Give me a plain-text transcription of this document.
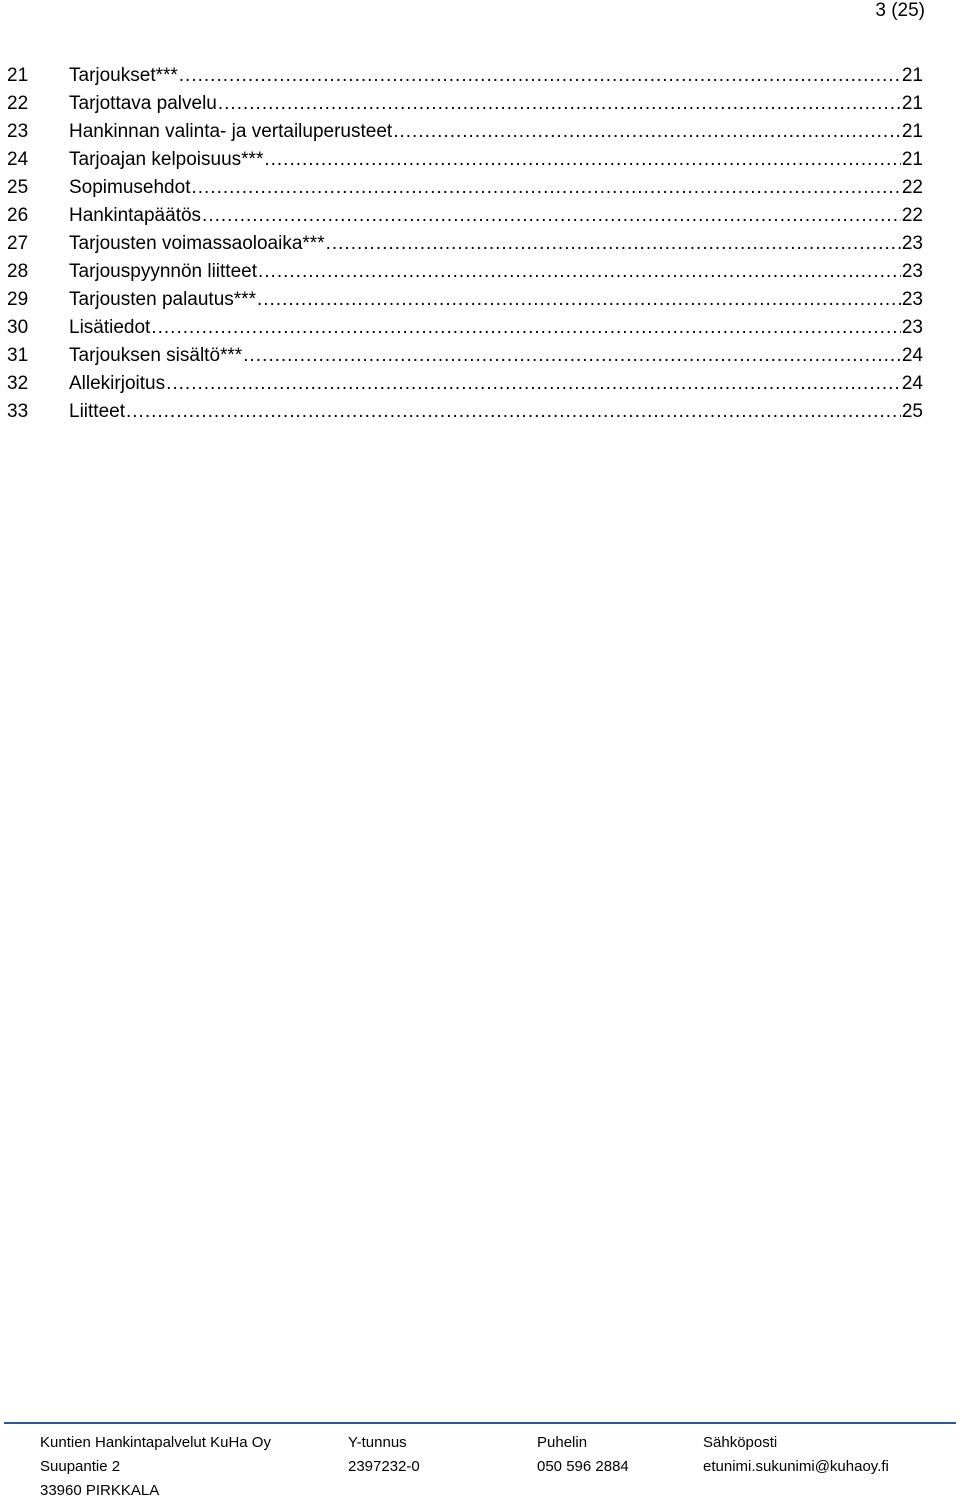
3 (25)
21	Tarjoukset*** .....	21
22	Tarjottava palvelu .....	21
23	Hankinnan valinta- ja vertailuperusteet .....	21
24	Tarjoajan kelpoisuus*** .....	21
25	Sopimusehdot .....	22
26	Hankintapäätös .....	22
27	Tarjousten voimassaoloaika*** .....	23
28	Tarjouspyynnön liitteet .....	23
29	Tarjousten palautus*** .....	23
30	Lisätiedot .....	23
31	Tarjouksen sisältö*** .....	24
32	Allekirjoitus .....	24
33	Liitteet .....	25
Kuntien Hankintapalvelut KuHa Oy	Y-tunnus	Puhelin	Sähköposti
Suupantie 2	2397232-0	050 596 2884	etunimi.sukunimi@kuhaoy.fi
33960 PIRKKALA
